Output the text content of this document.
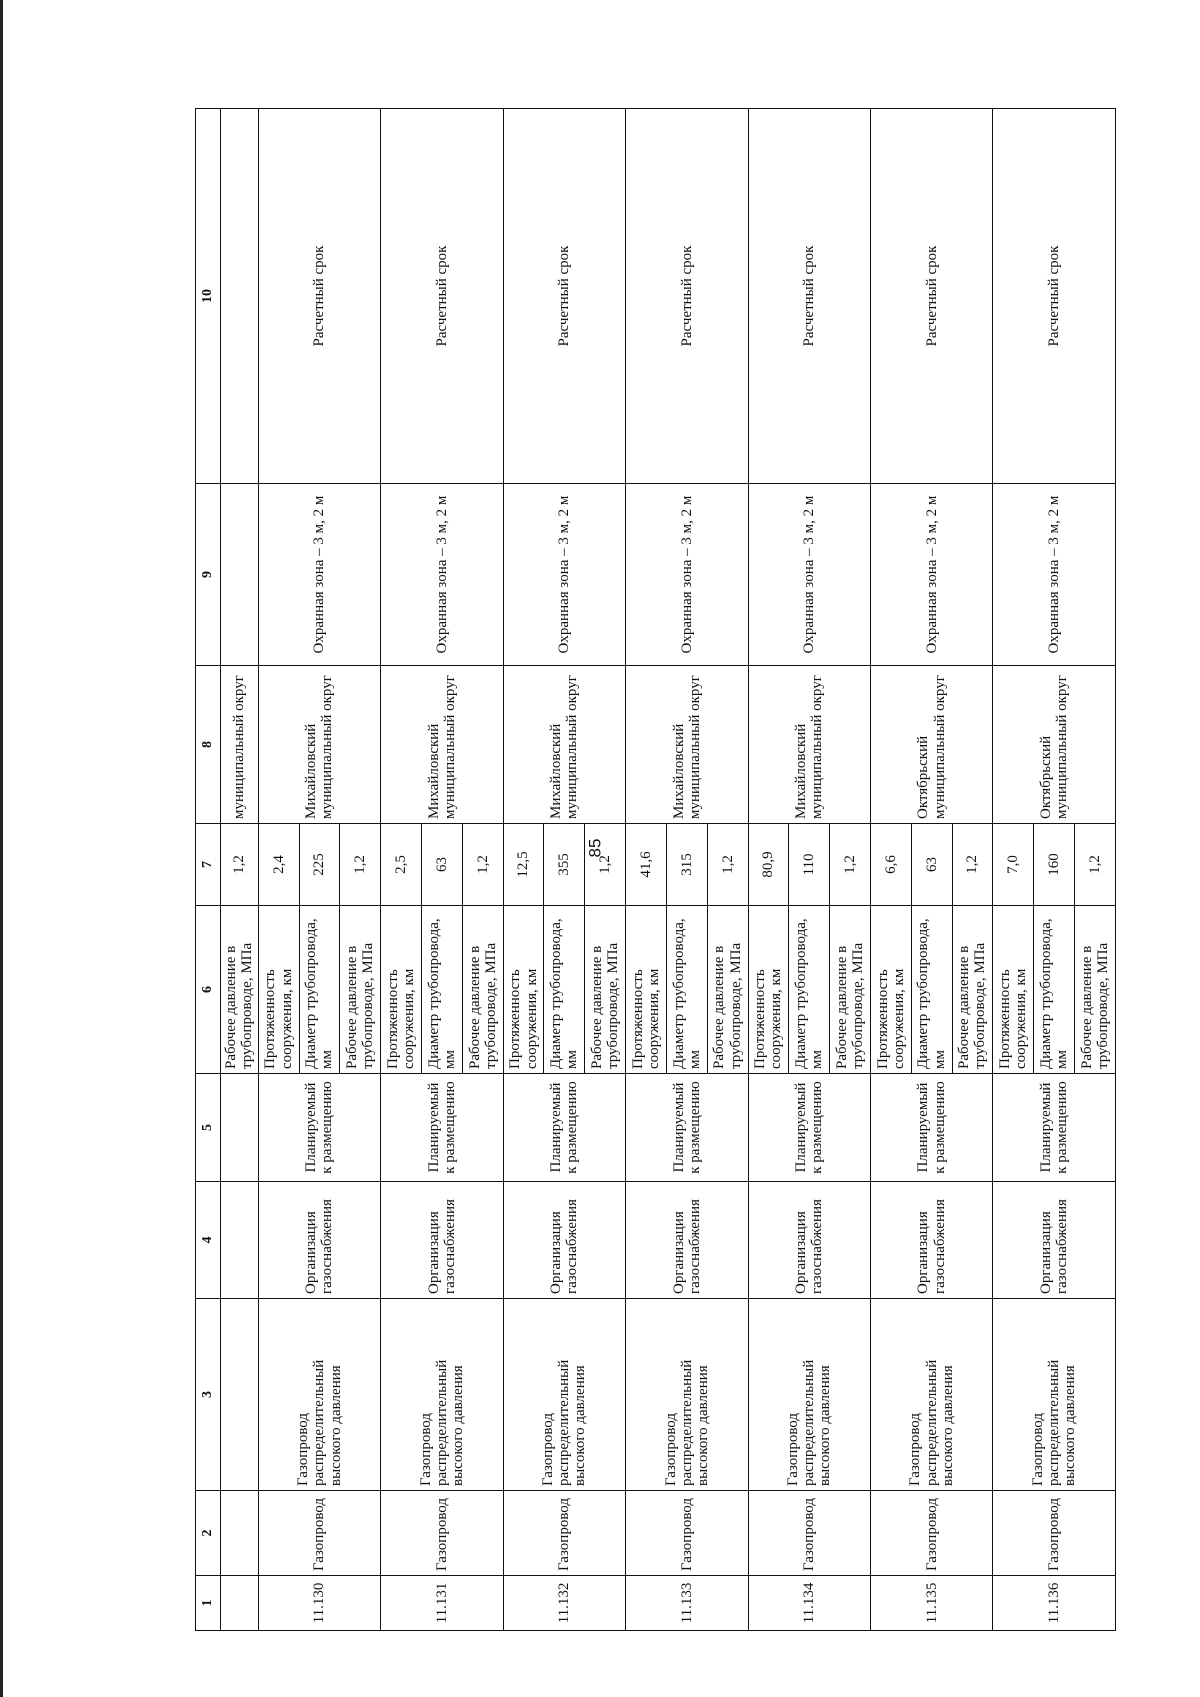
85
1	2	3	4	5	6	7	8	9	10
					Рабочее давление в трубопроводе, МПа	1,2	муниципальный округ		
11.130	Газопровод	Газопровод распределительный высокого давления	Организация газоснабжения	Планируемый к размещению	Протяженность сооружения, км	2,4	Михайловский муниципальный округ	Охранная зона – 3 м, 2 м	Расчетный срок
					Диаметр трубопровода, мм	225			
					Рабочее давление в трубопроводе, МПа	1,2			
11.131	Газопровод	Газопровод распределительный высокого давления	Организация газоснабжения	Планируемый к размещению	Протяженность сооружения, км	2,5	Михайловский муниципальный округ	Охранная зона – 3 м, 2 м	Расчетный срок
					Диаметр трубопровода, мм	63			
					Рабочее давление в трубопроводе, МПа	1,2			
11.132	Газопровод	Газопровод распределительный высокого давления	Организация газоснабжения	Планируемый к размещению	Протяженность сооружения, км	12,5	Михайловский муниципальный округ	Охранная зона – 3 м, 2 м	Расчетный срок
					Диаметр трубопровода, мм	355			
					Рабочее давление в трубопроводе, МПа	1,2			
11.133	Газопровод	Газопровод распределительный высокого давления	Организация газоснабжения	Планируемый к размещению	Протяженность сооружения, км	41,6	Михайловский муниципальный округ	Охранная зона – 3 м, 2 м	Расчетный срок
					Диаметр трубопровода, мм	315			
					Рабочее давление в трубопроводе, МПа	1,2			
11.134	Газопровод	Газопровод распределительный высокого давления	Организация газоснабжения	Планируемый к размещению	Протяженность сооружения, км	80,9	Михайловский муниципальный округ	Охранная зона – 3 м, 2 м	Расчетный срок
					Диаметр трубопровода, мм	110			
					Рабочее давление в трубопроводе, МПа	1,2			
11.135	Газопровод	Газопровод распределительный высокого давления	Организация газоснабжения	Планируемый к размещению	Протяженность сооружения, км	6,6	Октябрьский муниципальный округ	Охранная зона – 3 м, 2 м	Расчетный срок
					Диаметр трубопровода, мм	63			
					Рабочее давление в трубопроводе, МПа	1,2			
11.136	Газопровод	Газопровод распределительный высокого давления	Организация газоснабжения	Планируемый к размещению	Протяженность сооружения, км	7,0	Октябрьский муниципальный округ	Охранная зона – 3 м, 2 м	Расчетный срок
					Диаметр трубопровода, мм	160			
					Рабочее давление в трубопроводе, МПа	1,2			
